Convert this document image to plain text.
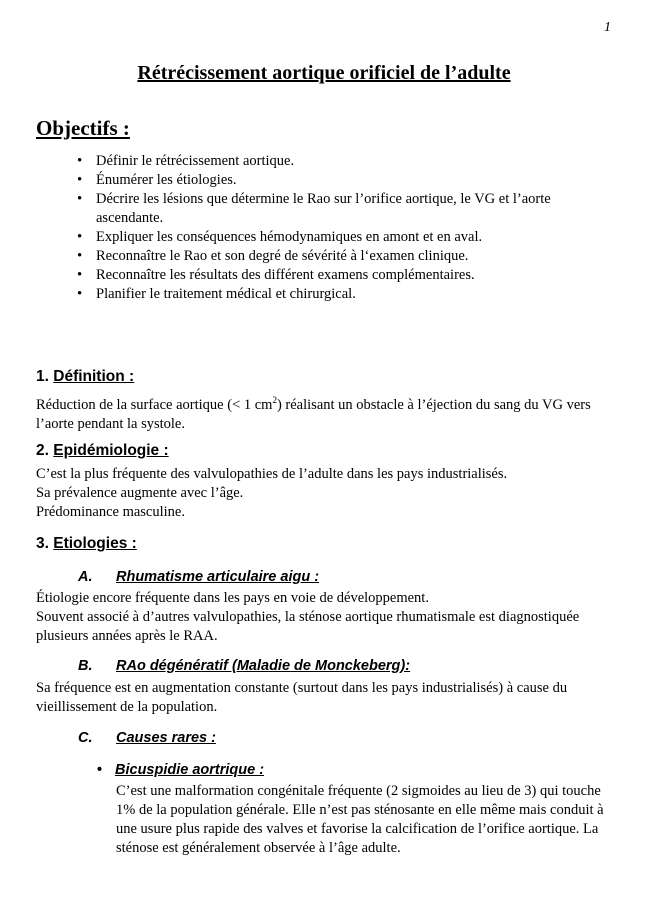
1
Rétrécissement aortique orificiel de l’adulte
Objectifs :
• Définir le rétrécissement aortique.
• Énumérer les étiologies.
• Décrire les lésions que détermine le Rao sur l’orifice aortique, le VG et l’aorte ascendante.
• Expliquer les conséquences hémodynamiques en amont et en aval.
• Reconnaître le Rao et son degré de sévérité à l‘examen clinique.
• Reconnaître les résultats des différent examens complémentaires.
• Planifier le traitement médical et chirurgical.
1. Définition :

Réduction de la surface aortique (< 1 $cm^2$) réalisant un obstacle à l’éjection du sang du VG vers l’aorte pendant la systole.

2. Epidémiologie :

C’est la plus fréquente des valvulopathies de l’adulte dans les pays industrialisés.

Sa prévalence augmente avec l’âge.

Prédominance masculine.

3. Etiologies :
A. Rhumatisme articulaire aigu :

Étiologie encore fréquente dans les pays en voie de développement.

Souvent associé à d’autres valvulopathies, la sténose aortique rhumatismale est diagnostiquée plusieurs années après le RAA.

B. RAo dégénératif (Maladie de Monckeberg):

Sa fréquence est en augmentation constante (surtout dans les pays industrialisés) à cause du vieillissement de la population.

C. Causes rares :
• Bicuspidie aortrique :

C’est une malformation congénitale fréquente (2 sigmoides au lieu de 3) qui touche 1% de la population générale. Elle n’est pas sténosante en elle même mais conduit à une usure plus rapide des valves et favorise la calcification de l’orifice aortique. La sténose est généralement observée à l’âge adulte.
